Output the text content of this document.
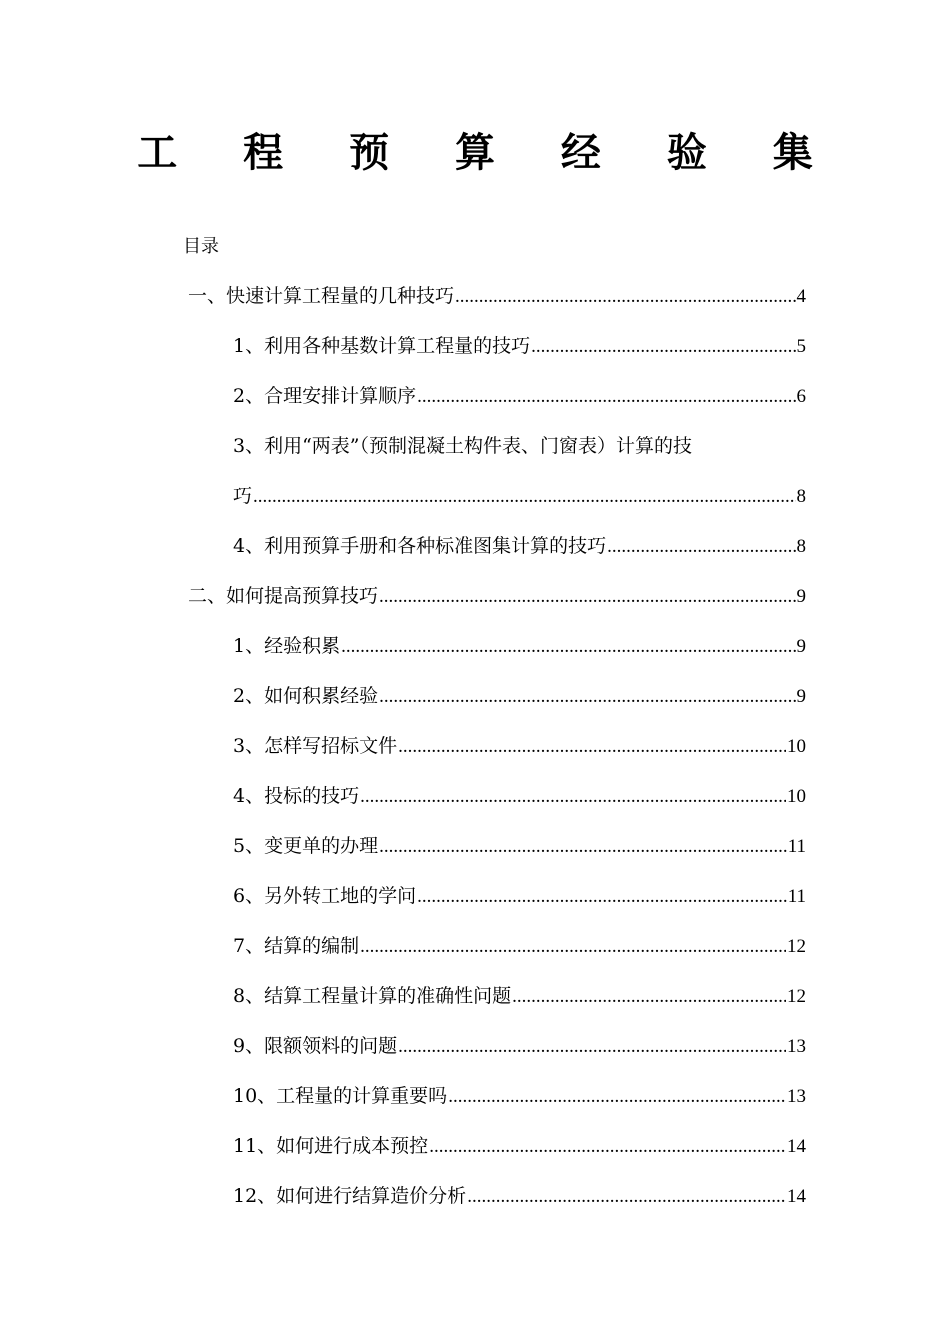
工 程 预 算 经 验 集
目录
一、快速计算工程量的几种技巧 .....	4
1、利用各种基数计算工程量的技巧 .....	5
2、合理安排计算顺序 .....	6
3、利用“两表”（预制混凝土构件表、门窗表）计算的技
巧 .....	8
4、利用预算手册和各种标准图集计算的技巧 .....	8
二、如何提高预算技巧 .....	9
1、经验积累 .....	9
2、如何积累经验 .....	9
3、怎样写招标文件 .....	10
4、投标的技巧 .....	10
5、变更单的办理 .....	11
6、另外转工地的学问 .....	11
7、结算的编制 .....	12
8、结算工程量计算的准确性问题 .....	12
9、限额领料的问题 .....	13
10、工程量的计算重要吗 .....	13
11、如何进行成本预控 .....	14
12、如何进行结算造价分析 .....	14
